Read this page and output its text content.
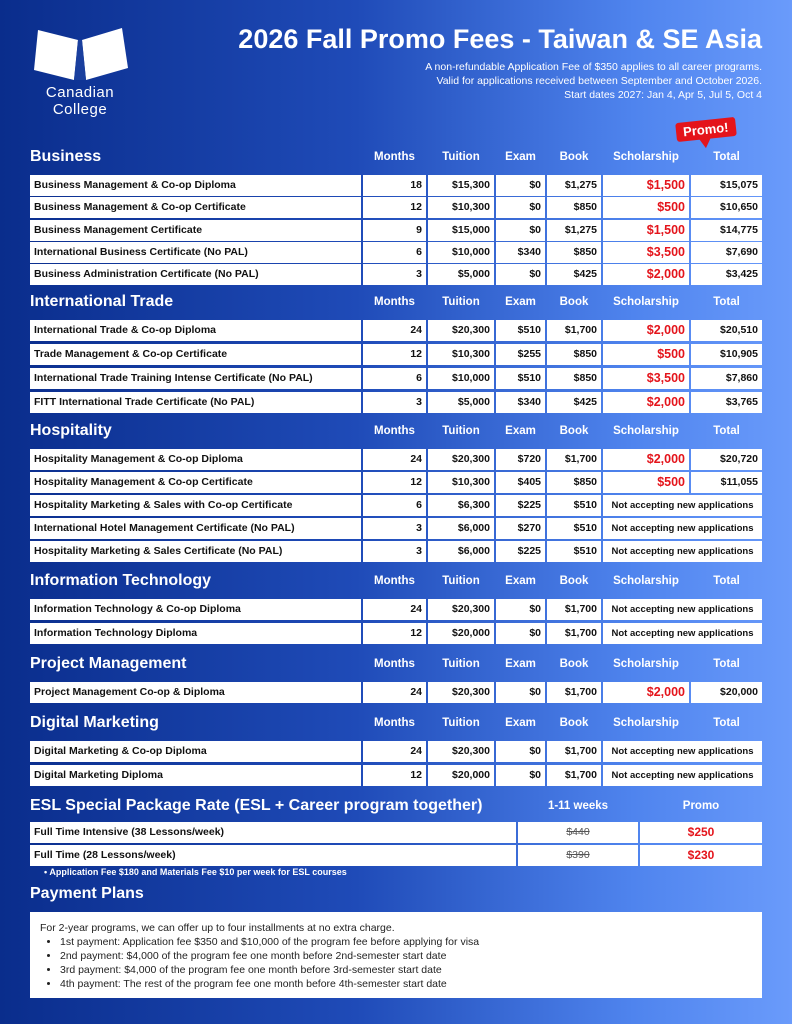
Canadian
College
2026 Fall Promo Fees - Taiwan & SE Asia
A non-refundable Application Fee of $350 applies to all career programs.
Valid for applications received between September and October 2026.
Start dates 2027: Jan 4, Apr 5, Jul 5, Oct 4
Promo!
Business	Months	Tuition	Exam	Book	Scholarship	Total
Business Management & Co-op Diploma	18	$15,300	$0	$1,275	$1,500	$15,075
Business Management & Co-op Certificate	12	$10,300	$0	$850	$500	$10,650
Business Management Certificate	9	$15,000	$0	$1,275	$1,500	$14,775
International Business Certificate (No PAL)	6	$10,000	$340	$850	$3,500	$7,690
Business Administration Certificate (No PAL)	3	$5,000	$0	$425	$2,000	$3,425
International Trade	Months	Tuition	Exam	Book	Scholarship	Total
International Trade & Co-op Diploma	24	$20,300	$510	$1,700	$2,000	$20,510
Trade Management & Co-op Certificate	12	$10,300	$255	$850	$500	$10,905
International Trade Training Intense Certificate (No PAL)	6	$10,000	$510	$850	$3,500	$7,860
FITT International Trade Certificate (No PAL)	3	$5,000	$340	$425	$2,000	$3,765
Hospitality	Months	Tuition	Exam	Book	Scholarship	Total
Hospitality Management & Co-op Diploma	24	$20,300	$720	$1,700	$2,000	$20,720
Hospitality Management & Co-op Certificate	12	$10,300	$405	$850	$500	$11,055
Hospitality Marketing & Sales with Co-op Certificate	6	$6,300	$225	$510	Not accepting new applications
International Hotel Management Certificate (No PAL)	3	$6,000	$270	$510	Not accepting new applications
Hospitality Marketing & Sales Certificate (No PAL)	3	$6,000	$225	$510	Not accepting new applications
Information Technology	Months	Tuition	Exam	Book	Scholarship	Total
Information Technology & Co-op Diploma	24	$20,300	$0	$1,700	Not accepting new applications
Information Technology Diploma	12	$20,000	$0	$1,700	Not accepting new applications
Project Management	Months	Tuition	Exam	Book	Scholarship	Total
Project Management Co-op & Diploma	24	$20,300	$0	$1,700	$2,000	$20,000
Digital Marketing	Months	Tuition	Exam	Book	Scholarship	Total
Digital Marketing & Co-op Diploma	24	$20,300	$0	$1,700	Not accepting new applications
Digital Marketing Diploma	12	$20,000	$0	$1,700	Not accepting new applications
ESL Special Package Rate (ESL + Career program together)	1-11 weeks	Promo
Full Time Intensive (38 Lessons/week)	$440	$250
Full Time (28 Lessons/week)	$390	$230
• Application Fee $180 and Materials Fee $10 per week for ESL courses
Payment Plans
For 2-year programs, we can offer up to four installments at no extra charge.
• 1st payment: Application fee $350 and $10,000 of the program fee before applying for visa
• 2nd payment: $4,000 of the program fee one month before 2nd-semester start date
• 3rd payment: $4,000 of the program fee one month before 3rd-semester start date
• 4th payment: The rest of the program fee one month before 4th-semester start date
